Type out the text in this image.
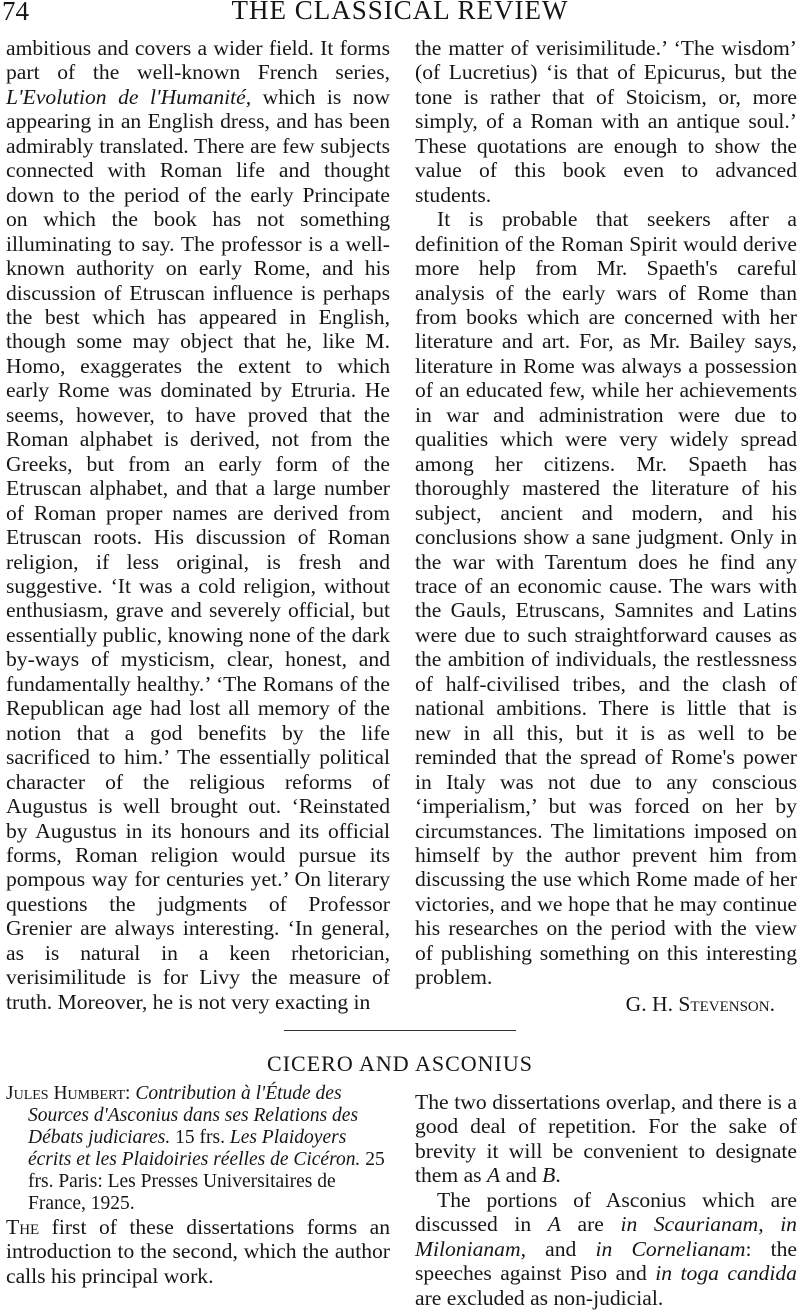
74	THE CLASSICAL REVIEW

ambitious and covers a wider field. It forms part of the well-known French series, L'Evolution de l'Humanité, which is now appearing in an English dress, and has been admirably translated. There are few subjects connected with Roman life and thought down to the period of the early Principate on which the book has not something illuminating to say. The professor is a well-known authority on early Rome, and his discussion of Etruscan influence is perhaps the best which has appeared in English, though some may object that he, like M. Homo, exaggerates the extent to which early Rome was dominated by Etruria. He seems, however, to have proved that the Roman alphabet is derived, not from the Greeks, but from an early form of the Etruscan alphabet, and that a large number of Roman proper names are derived from Etruscan roots. His discussion of Roman religion, if less original, is fresh and suggestive. ‘It was a cold religion, without enthusiasm, grave and severely official, but essentially public, knowing none of the dark by-ways of mysticism, clear, honest, and fundamentally healthy.’ ‘The Romans of the Republican age had lost all memory of the notion that a god benefits by the life sacrificed to him.’ The essentially political character of the religious reforms of Augustus is well brought out. ‘Reinstated by Augustus in its honours and its official forms, Roman religion would pursue its pompous way for centuries yet.’ On literary questions the judgments of Professor Grenier are always interesting. ‘In general, as is natural in a keen rhetorician, verisimilitude is for Livy the measure of truth. Moreover, he is not very exacting in

the matter of verisimilitude.’ ‘The wisdom’ (of Lucretius) ‘is that of Epicurus, but the tone is rather that of Stoicism, or, more simply, of a Roman with an antique soul.’ These quotations are enough to show the value of this book even to advanced students.

It is probable that seekers after a definition of the Roman Spirit would derive more help from Mr. Spaeth's careful analysis of the early wars of Rome than from books which are concerned with her literature and art. For, as Mr. Bailey says, literature in Rome was always a possession of an educated few, while her achievements in war and administration were due to qualities which were very widely spread among her citizens. Mr. Spaeth has thoroughly mastered the literature of his subject, ancient and modern, and his conclusions show a sane judgment. Only in the war with Tarentum does he find any trace of an economic cause. The wars with the Gauls, Etruscans, Samnites and Latins were due to such straightforward causes as the ambition of individuals, the restlessness of half-civilised tribes, and the clash of national ambitions. There is little that is new in all this, but it is as well to be reminded that the spread of Rome's power in Italy was not due to any conscious ‘imperialism,’ but was forced on her by circumstances. The limitations imposed on himself by the author prevent him from discussing the use which Rome made of her victories, and we hope that he may continue his researches on the period with the view of publishing something on this interesting problem.

G. H. Stevenson.

CICERO AND ASCONIUS

Jules Humbert: Contribution à l'Étude des Sources d'Asconius dans ses Relations des Débats judiciares. 15 frs. Les Plaidoyers écrits et les Plaidoiries réelles de Cicéron. 25 frs. Paris: Les Presses Universitaires de France, 1925.

The first of these dissertations forms an introduction to the second, which the author calls his principal work.

The two dissertations overlap, and there is a good deal of repetition. For the sake of brevity it will be convenient to designate them as A and B.

The portions of Asconius which are discussed in A are in Scaurianam, in Milonianam, and in Cornelianam: the speeches against Piso and in toga candida are excluded as non-judicial.
